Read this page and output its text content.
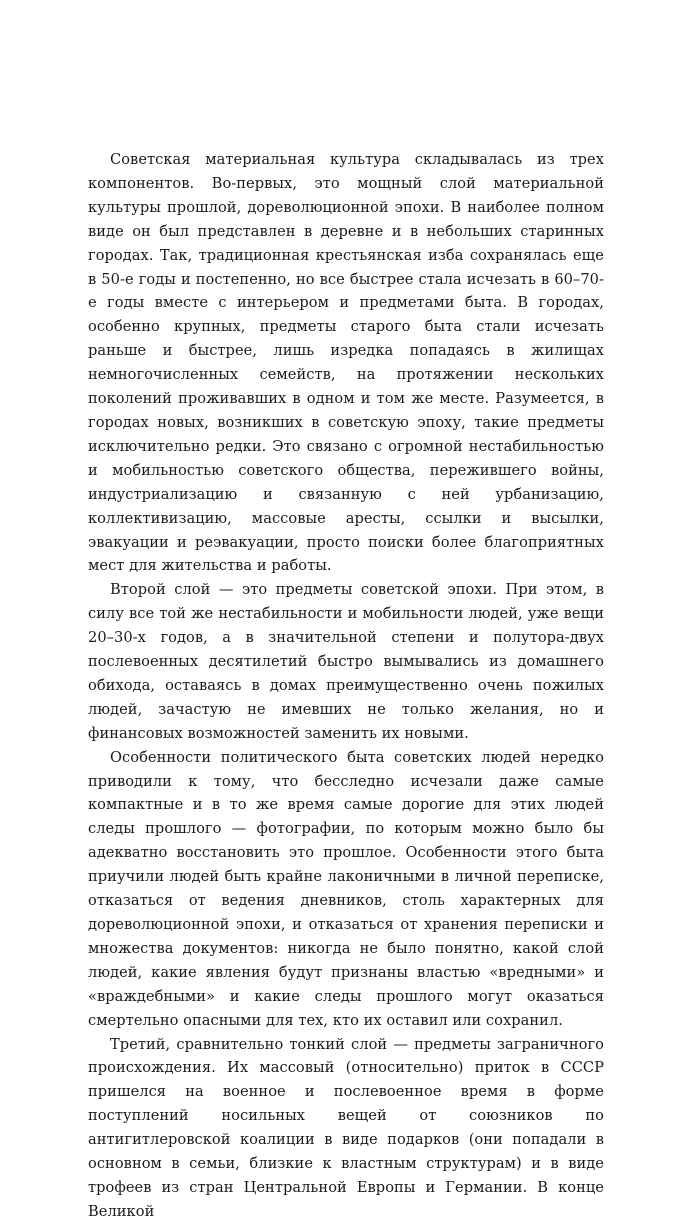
Советская материальная культура складывалась из трех компонентов. Во-первых, это мощный слой материальной культуры прошлой, дореволюционной эпохи. В наиболее полном виде он был представлен в деревне и в небольших старинных городах. Так, традиционная крестьянская изба сохранялась еще в 50-е годы и постепенно, но все быстрее стала исчезать в 60–70-е годы вместе с интерьером и предметами быта. В городах, особенно крупных, предметы старого быта стали исчезать раньше и быстрее, лишь изредка попадаясь в жилищах немногочисленных семейств, на протяжении нескольких поколений проживавших в одном и том же месте. Разумеется, в городах новых, возникших в советскую эпоху, такие предметы исключительно редки. Это связано с огромной нестабильностью и мобильностью советского общества, пережившего войны, индустриализацию и связанную с ней урбанизацию, коллективизацию, массовые аресты, ссылки и высылки, эвакуации и реэвакуации, просто поиски более благоприятных мест для жительства и работы.

Второй слой — это предметы советской эпохи. При этом, в силу все той же нестабильности и мобильности людей, уже вещи 20–30-х годов, а в значительной степени и полутора-двух послевоенных десятилетий быстро вымывались из домашнего обихода, оставаясь в домах преимущественно очень пожилых людей, зачастую не имевших не только желания, но и финансовых возможностей заменить их новыми.

Особенности политического быта советских людей нередко приводили к тому, что бесследно исчезали даже самые компактные и в то же время самые дорогие для этих людей следы прошлого — фотографии, по которым можно было бы адекватно восстановить это прошлое. Особенности этого быта приучили людей быть крайне лаконичными в личной переписке, отказаться от ведения дневников, столь характерных для дореволюционной эпохи, и отказаться от хранения переписки и множества документов: никогда не было понятно, какой слой людей, какие явления будут признаны властью «вредными» и «враждебными» и какие следы прошлого могут оказаться смертельно опасными для тех, кто их оставил или сохранил.

Третий, сравнительно тонкий слой — предметы заграничного происхождения. Их массовый (относительно) приток в СССР пришелся на военное и послевоенное время в форме поступлений носильных вещей от союзников по антигитлеровской коалиции в виде подарков (они попадали в основном в семьи, близкие к властным структурам) и в виде трофеев из стран Центральной Европы и Германии. В конце Великой
